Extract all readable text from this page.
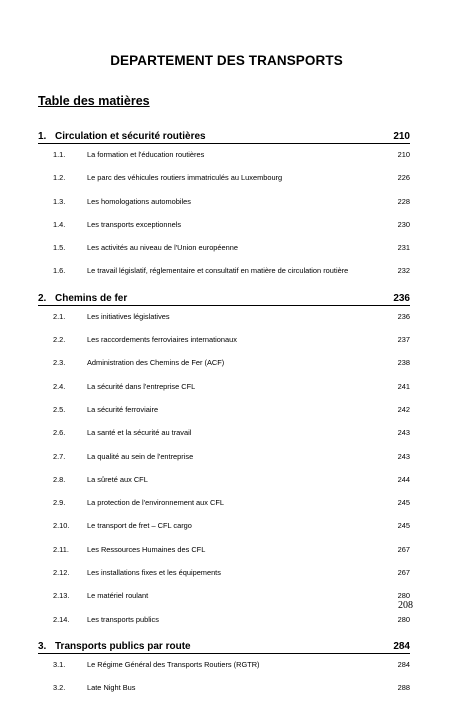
DEPARTEMENT DES TRANSPORTS
Table des matières
1. Circulation et sécurité routières	210
1.1.	La formation et l'éducation routières	210
1.2.	Le parc des véhicules routiers immatriculés au Luxembourg	226
1.3.	Les homologations automobiles	228
1.4.	Les transports exceptionnels	230
1.5.	Les activités au niveau de l'Union européenne	231
1.6.	Le travail législatif, réglementaire et consultatif en matière de circulation routière	232
2. Chemins de fer	236
2.1.	Les initiatives législatives	236
2.2.	Les raccordements ferroviaires internationaux	237
2.3.	Administration des Chemins de Fer (ACF)	238
2.4.	La sécurité dans l'entreprise CFL	241
2.5.	La sécurité ferroviaire	242
2.6.	La santé et la sécurité au travail	243
2.7.	La qualité au sein de l'entreprise	243
2.8.	La sûreté aux CFL	244
2.9.	La protection de l'environnement aux CFL	245
2.10. Le transport de fret – CFL cargo	245
2.11. Les Ressources Humaines des CFL	267
2.12. Les installations fixes et les équipements	267
2.13. Le matériel roulant	280
2.14. Les transports publics	280
3. Transports publics par route	284
3.1.	Le Régime Général des Transports Routiers (RGTR)	284
3.2.	Late Night Bus	288
208
